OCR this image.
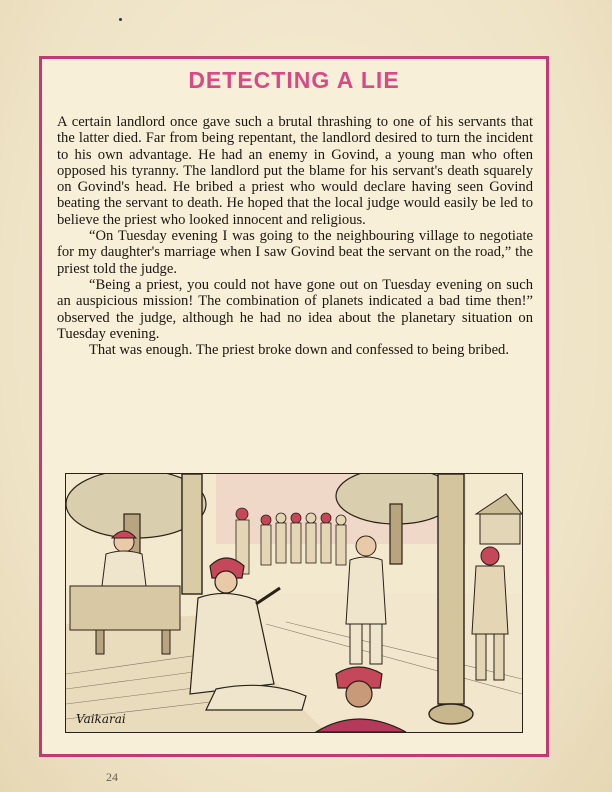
DETECTING A LIE

A certain landlord once gave such a brutal thrashing to one of his servants that the latter died. Far from being repentant, the landlord desired to turn the incident to his own advantage. He had an enemy in Govind, a young man who often opposed his tyranny. The landlord put the blame for his servant's death squarely on Govind's head. He bribed a priest who would declare having seen Govind beating the servant to death. He hoped that the local judge would easily be led to believe the priest who looked innocent and religious.

“On Tuesday evening I was going to the neighbouring village to negotiate for my daughter's marriage when I saw Govind beat the servant on the road,” the priest told the judge.

“Being a priest, you could not have gone out on Tuesday evening on such an auspicious mission! The combination of planets indicated a bad time then!” observed the judge, although he had no idea about the planetary situation on Tuesday evening.

That was enough. The priest broke down and confessed to being bribed.

Vaikarai
24
